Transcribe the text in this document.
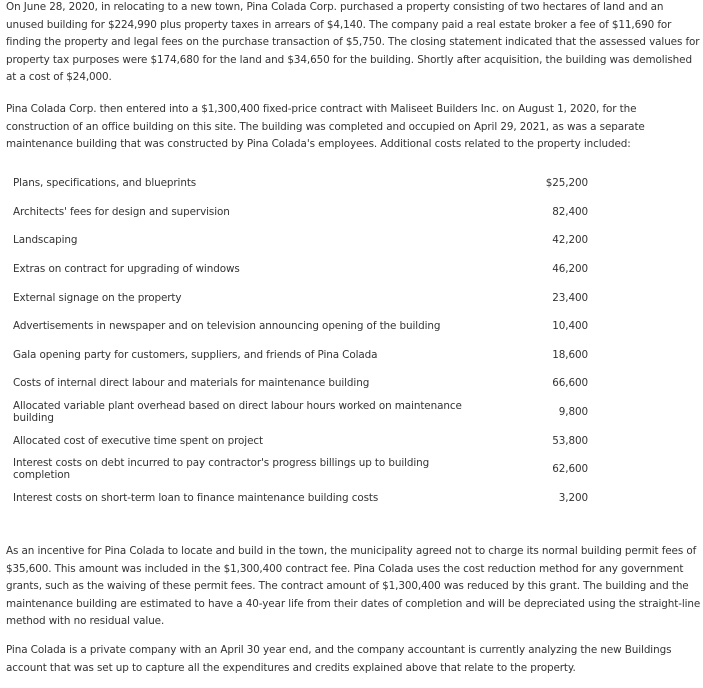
On June 28, 2020, in relocating to a new town, Pina Colada Corp. purchased a property consisting of two hectares of land and an unused building for $224,990 plus property taxes in arrears of $4,140. The company paid a real estate broker a fee of $11,690 for finding the property and legal fees on the purchase transaction of $5,750. The closing statement indicated that the assessed values for property tax purposes were $174,680 for the land and $34,650 for the building. Shortly after acquisition, the building was demolished at a cost of $24,000.

Pina Colada Corp. then entered into a $1,300,400 fixed-price contract with Maliseet Builders Inc. on August 1, 2020, for the construction of an office building on this site. The building was completed and occupied on April 29, 2021, as was a separate maintenance building that was constructed by Pina Colada's employees. Additional costs related to the property included:

Plans, specifications, and blueprints	$25,200
Architects' fees for design and supervision	82,400
Landscaping	42,200
Extras on contract for upgrading of windows	46,200
External signage on the property	23,400
Advertisements in newspaper and on television announcing opening of the building	10,400
Gala opening party for customers, suppliers, and friends of Pina Colada	18,600
Costs of internal direct labour and materials for maintenance building	66,600
Allocated variable plant overhead based on direct labour hours worked on maintenance building	9,800
Allocated cost of executive time spent on project	53,800
Interest costs on debt incurred to pay contractor's progress billings up to building completion	62,600
Interest costs on short-term loan to finance maintenance building costs	3,200

As an incentive for Pina Colada to locate and build in the town, the municipality agreed not to charge its normal building permit fees of $35,600. This amount was included in the $1,300,400 contract fee. Pina Colada uses the cost reduction method for any government grants, such as the waiving of these permit fees. The contract amount of $1,300,400 was reduced by this grant. The building and the maintenance building are estimated to have a 40-year life from their dates of completion and will be depreciated using the straight-line method with no residual value.

Pina Colada is a private company with an April 30 year end, and the company accountant is currently analyzing the new Buildings account that was set up to capture all the expenditures and credits explained above that relate to the property.
